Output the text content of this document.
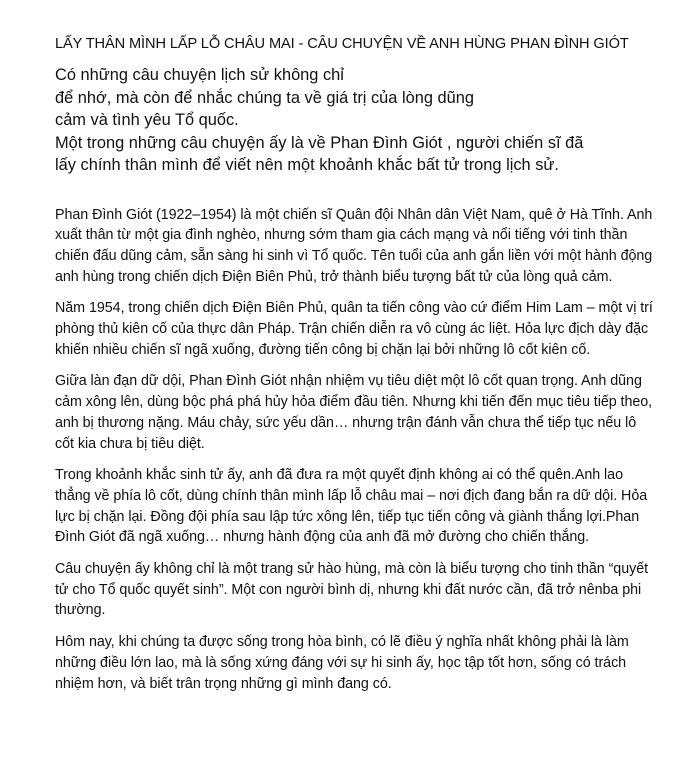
LẤY THÂN MÌNH LẤP LỖ CHÂU MAI - CÂU CHUYỆN VỀ ANH HÙNG PHAN ĐÌNH GIÓT
Có những câu chuyện lịch sử không chỉ
để nhớ, mà còn để nhắc chúng ta về giá trị của lòng dũng
cảm và tình yêu Tổ quốc.
Một trong những câu chuyện ấy là về Phan Đình Giót , người chiến sĩ đã
lấy chính thân mình để viết nên một khoảnh khắc bất tử trong lịch sử.

Phan Đình Giót (1922–1954) là một chiến sĩ Quân đội Nhân dân Việt Nam, quê ở Hà Tĩnh. Anh xuất thân từ một gia đình nghèo, nhưng sớm tham gia cách mạng và nổi tiếng với tinh thần chiến đấu dũng cảm, sẵn sàng hi sinh vì Tổ quốc. Tên tuổi của anh gắn liền với một hành động anh hùng trong chiến dịch Điện Biên Phủ, trở thành biểu tượng bất tử của lòng quả cảm.

Năm 1954, trong chiến dịch Điện Biên Phủ, quân ta tiến công vào cứ điểm Him Lam – một vị trí phòng thủ kiên cố của thực dân Pháp. Trận chiến diễn ra vô cùng ác liệt. Hỏa lực địch dày đặc khiến nhiều chiến sĩ ngã xuống, đường tiến công bị chặn lại bởi những lô cốt kiên cố.

Giữa làn đạn dữ dội, Phan Đình Giót nhận nhiệm vụ tiêu diệt một lô cốt quan trọng. Anh dũng cảm xông lên, dùng bộc phá phá hủy hỏa điểm đầu tiên. Nhưng khi tiến đến mục tiêu tiếp theo, anh bị thương nặng. Máu chảy, sức yếu dần… nhưng trận đánh vẫn chưa thể tiếp tục nếu lô cốt kia chưa bị tiêu diệt.

Trong khoảnh khắc sinh tử ấy, anh đã đưa ra một quyết định không ai có thể quên.Anh lao thẳng về phía lô cốt, dùng chính thân mình lấp lỗ châu mai – nơi địch đang bắn ra dữ dội. Hỏa lực bị chặn lại. Đồng đội phía sau lập tức xông lên, tiếp tục tiến công và giành thắng lợi.Phan Đình Giót đã ngã xuống… nhưng hành động của anh đã mở đường cho chiến thắng.

Câu chuyện ấy không chỉ là một trang sử hào hùng, mà còn là biểu tượng cho tinh thần “quyết tử cho Tổ quốc quyết sinh”. Một con người bình dị, nhưng khi đất nước cần, đã trở nênba phi thường.

Hôm nay, khi chúng ta được sống trong hòa bình, có lẽ điều ý nghĩa nhất không phải là làm những điều lớn lao, mà là sống xứng đáng với sự hi sinh ấy, học tập tốt hơn, sống có trách nhiệm hơn, và biết trân trọng những gì mình đang có.
